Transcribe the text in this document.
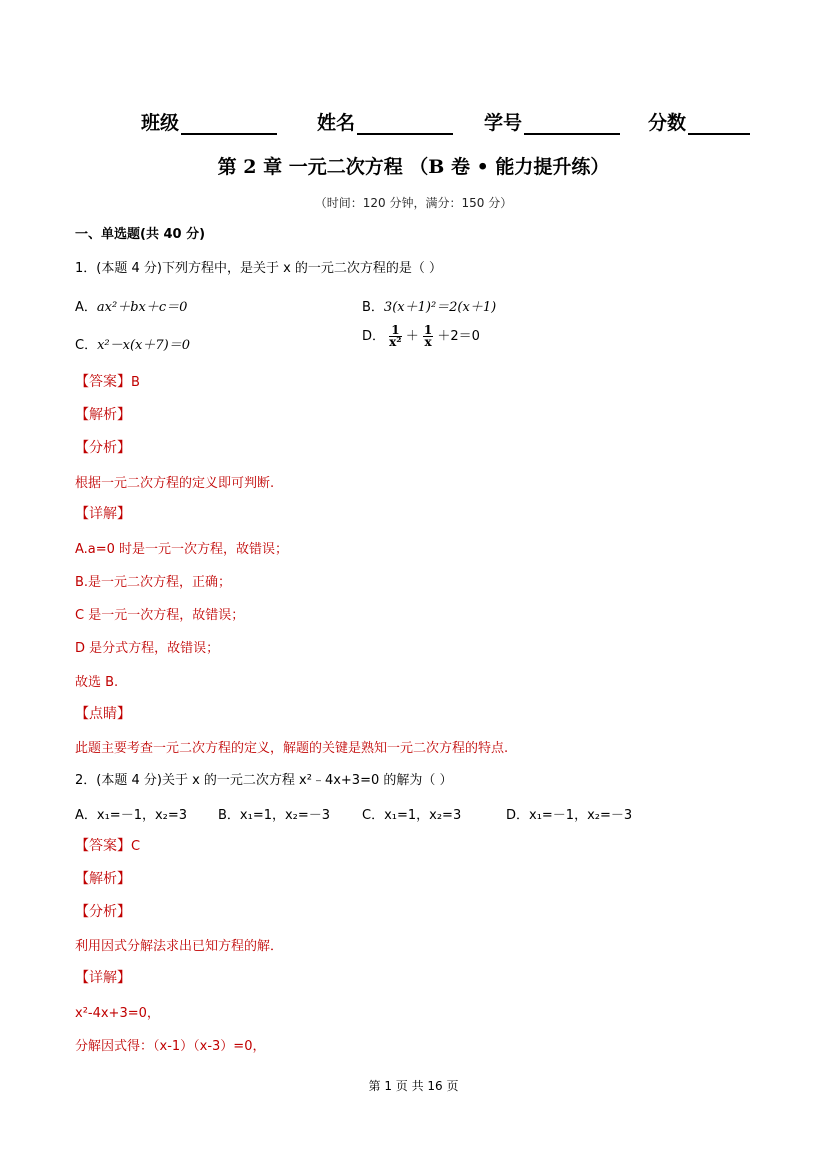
班级	姓名	学号	分数
第 2 章 一元二次方程 （B 卷 • 能力提升练）
（时间：120 分钟，满分：150 分）
一、单选题(共 40 分)
1．(本题 4 分)下列方程中，是关于 x 的一元二次方程的是（ ）
A．ax²＋bx＋c＝0	B．3(x＋1)²＝2(x＋1)
C．x²－x(x＋7)＝0
D． $\frac{1}{\text{x²}} + \frac{1}{x} +2=0$
【答案】B
【解析】
【分析】
根据一元二次方程的定义即可判断.
【详解】
A.a=0 时是一元一次方程，故错误；
B.是一元二次方程，正确；
C 是一元一次方程，故错误；
D 是分式方程，故错误；
故选 B.
【点睛】
此题主要考查一元二次方程的定义，解题的关键是熟知一元二次方程的特点.
2．(本题 4 分)关于 x 的一元二次方程 x²﹣4x+3=0 的解为（ ）
A．x₁=－1，x₂=3 B．x₁=1，x₂=－3 C．x₁=1，x₂=3	D．x₁=－1，x₂=－3
【答案】C
【解析】
【分析】
利用因式分解法求出已知方程的解．
【详解】
x²-4x+3=0，
分解因式得：（x-1）（x-3）=0，
第 1 页 共 16 页
